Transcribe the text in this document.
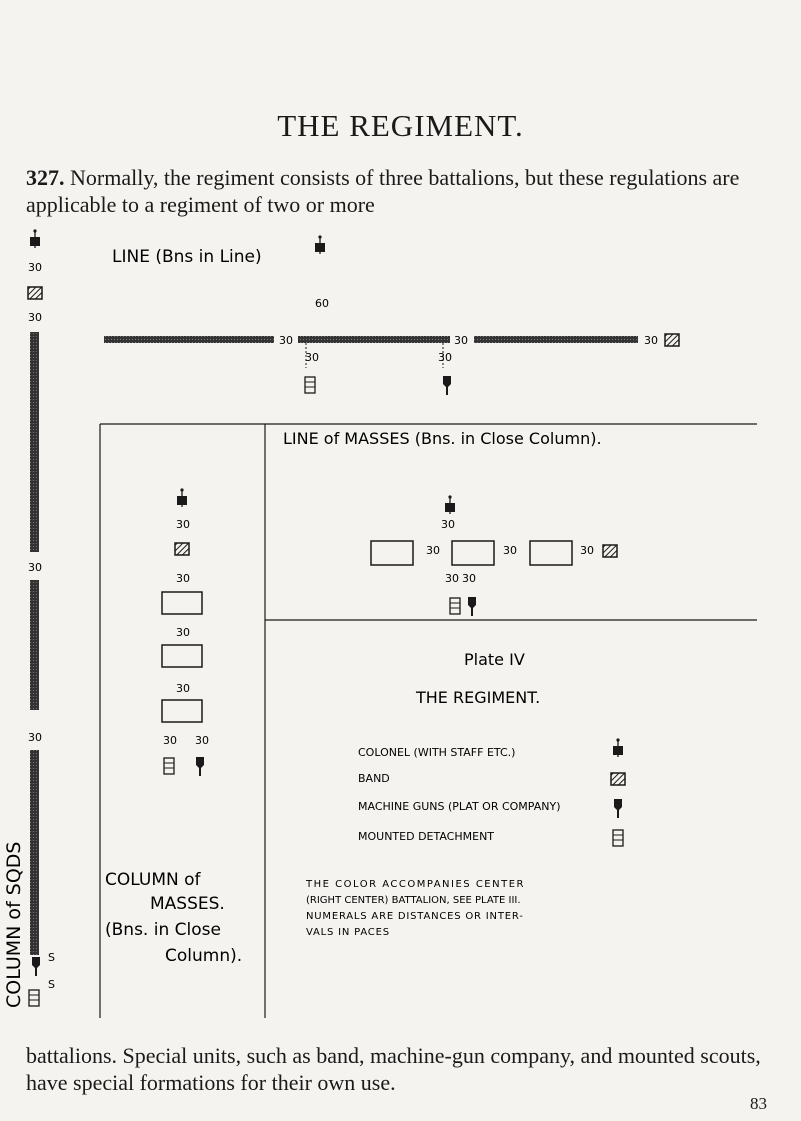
THE REGIMENT.
327. Normally, the regiment consists of three battalions, but these regulations are applicable to a regiment of two or more
LINE (Bns in Line)
60
30	30	30
30	30
30
30
30
30
S
S
COLUMN of SQDS
LINE of MASSES (Bns. in Close Column).
30
30	30	30
30 30
30
30
30
30
30 30
COLUMN of
MASSES.
(Bns. in Close
Column).
Plate IV
THE REGIMENT.
COLONEL (WITH STAFF ETC.)
BAND
MACHINE GUNS (PLAT OR COMPANY)
MOUNTED DETACHMENT
THE COLOR ACCOMPANIES CENTER
(RIGHT CENTER) BATTALION, SEE PLATE III.
NUMERALS ARE DISTANCES OR INTER-
VALS IN PACES
battalions. Special units, such as band, machine-gun company, and mounted scouts, have special formations for their own use.
83
